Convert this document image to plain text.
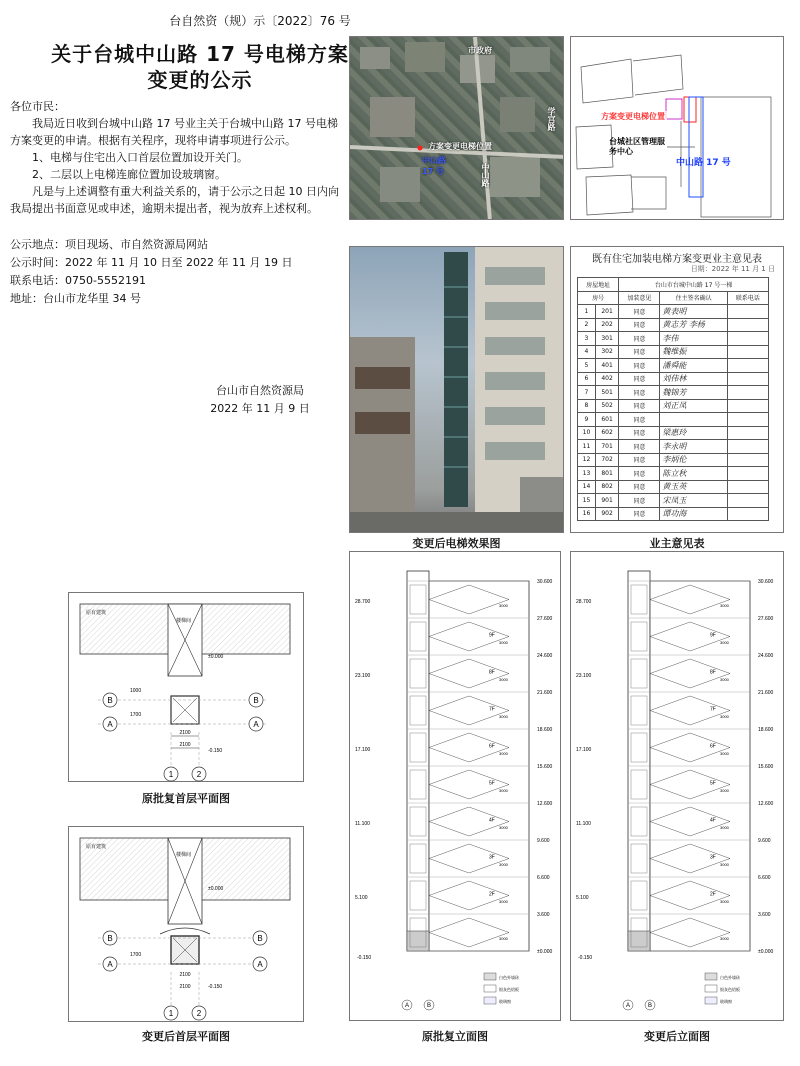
台自然资（规）示〔2022〕76 号
关于台城中山路 17 号电梯方案
变更的公示

各位市民：

我局近日收到台城中山路 17 号业主关于台城中山路 17 号电梯方案变更的申请。根据有关程序，现将申请事项进行公示。

1、电梯与住宅出入口首层位置加设开关门。

2、二层以上电梯连廊位置加设玻璃窗。

凡是与上述调整有重大利益关系的，请于公示之日起 10 日内向我局提出书面意见或申述，逾期未提出者，视为放弃上述权利。

公示地点：项目现场、市自然资源局网站

公示时间：2022 年 11 月 10 日至 2022 年 11 月 19 日

联系电话：0750-5552191

地址：台山市龙华里 34 号

台山市自然资源局

2022 年 11 月 9 日

市政府
学宫路
方案变更电梯位置
中山路
17 号	中山路
方案变更电梯位置
台城社区管理服务中心
中山路 17 号
变更后电梯效果图
既有住宅加装电梯方案变更业主意见表
日期：2022 年 11 月 1 日
房屋地址		台山市台城中山路 17 号一梯		
房号		加装意见	住主签名确认	联系电话
1	201	同意	黄表明	
2	202	同意	黄志芳 李杨	
3	301	同意	李伟	
4	302	同意	魏维振	
5	401	同意	潘舜能	
6	402	同意	刘伟林	
7	501	同意	魏锦芳	
8	502	同意	刘正凤	
9	601	同意		
10	602	同意	梁惠玲	
11	701	同意	李永明	
12	702	同意	李炳伦	
13	801	同意	陈立秋	
14	802	同意	黄玉英	
15	901	同意	宋凤玉	
16	902	同意	谭功海	
业主意见表
B
A
B
A
1	2
原有建筑
楼梯间
±0.000
-0.150
2100
2100
1700
1000
原批复首层平面图
B
A
B
A
1	2
原有建筑
楼梯间
±0.000
-0.150
2100
2100
1700
变更后首层平面图
30.600
3000
27.600
3000
24.600
3000
21.600
3000
18.600
3000
15.600
3000
12.600
3000
9.600
3000
6.600
3000
3.600
3000
±0.000
9F
8F
7F
6F
5F
4F
3F
2F
28.700
23.100
17.100
11.100
5.100
白色外墙砖
银灰色铝板
玻璃窗
A	B
-0.150
原批复立面图
30.600
3000
27.600
3000
24.600
3000
21.600
3000
18.600
3000
15.600
3000
12.600
3000
9.600
3000
6.600
3000
3.600
3000
±0.000
9F
8F
7F
6F
5F
4F
3F
2F
28.700
23.100
17.100
11.100
5.100
白色外墙砖
银灰色铝板
玻璃窗
A	B
-0.150
变更后立面图
